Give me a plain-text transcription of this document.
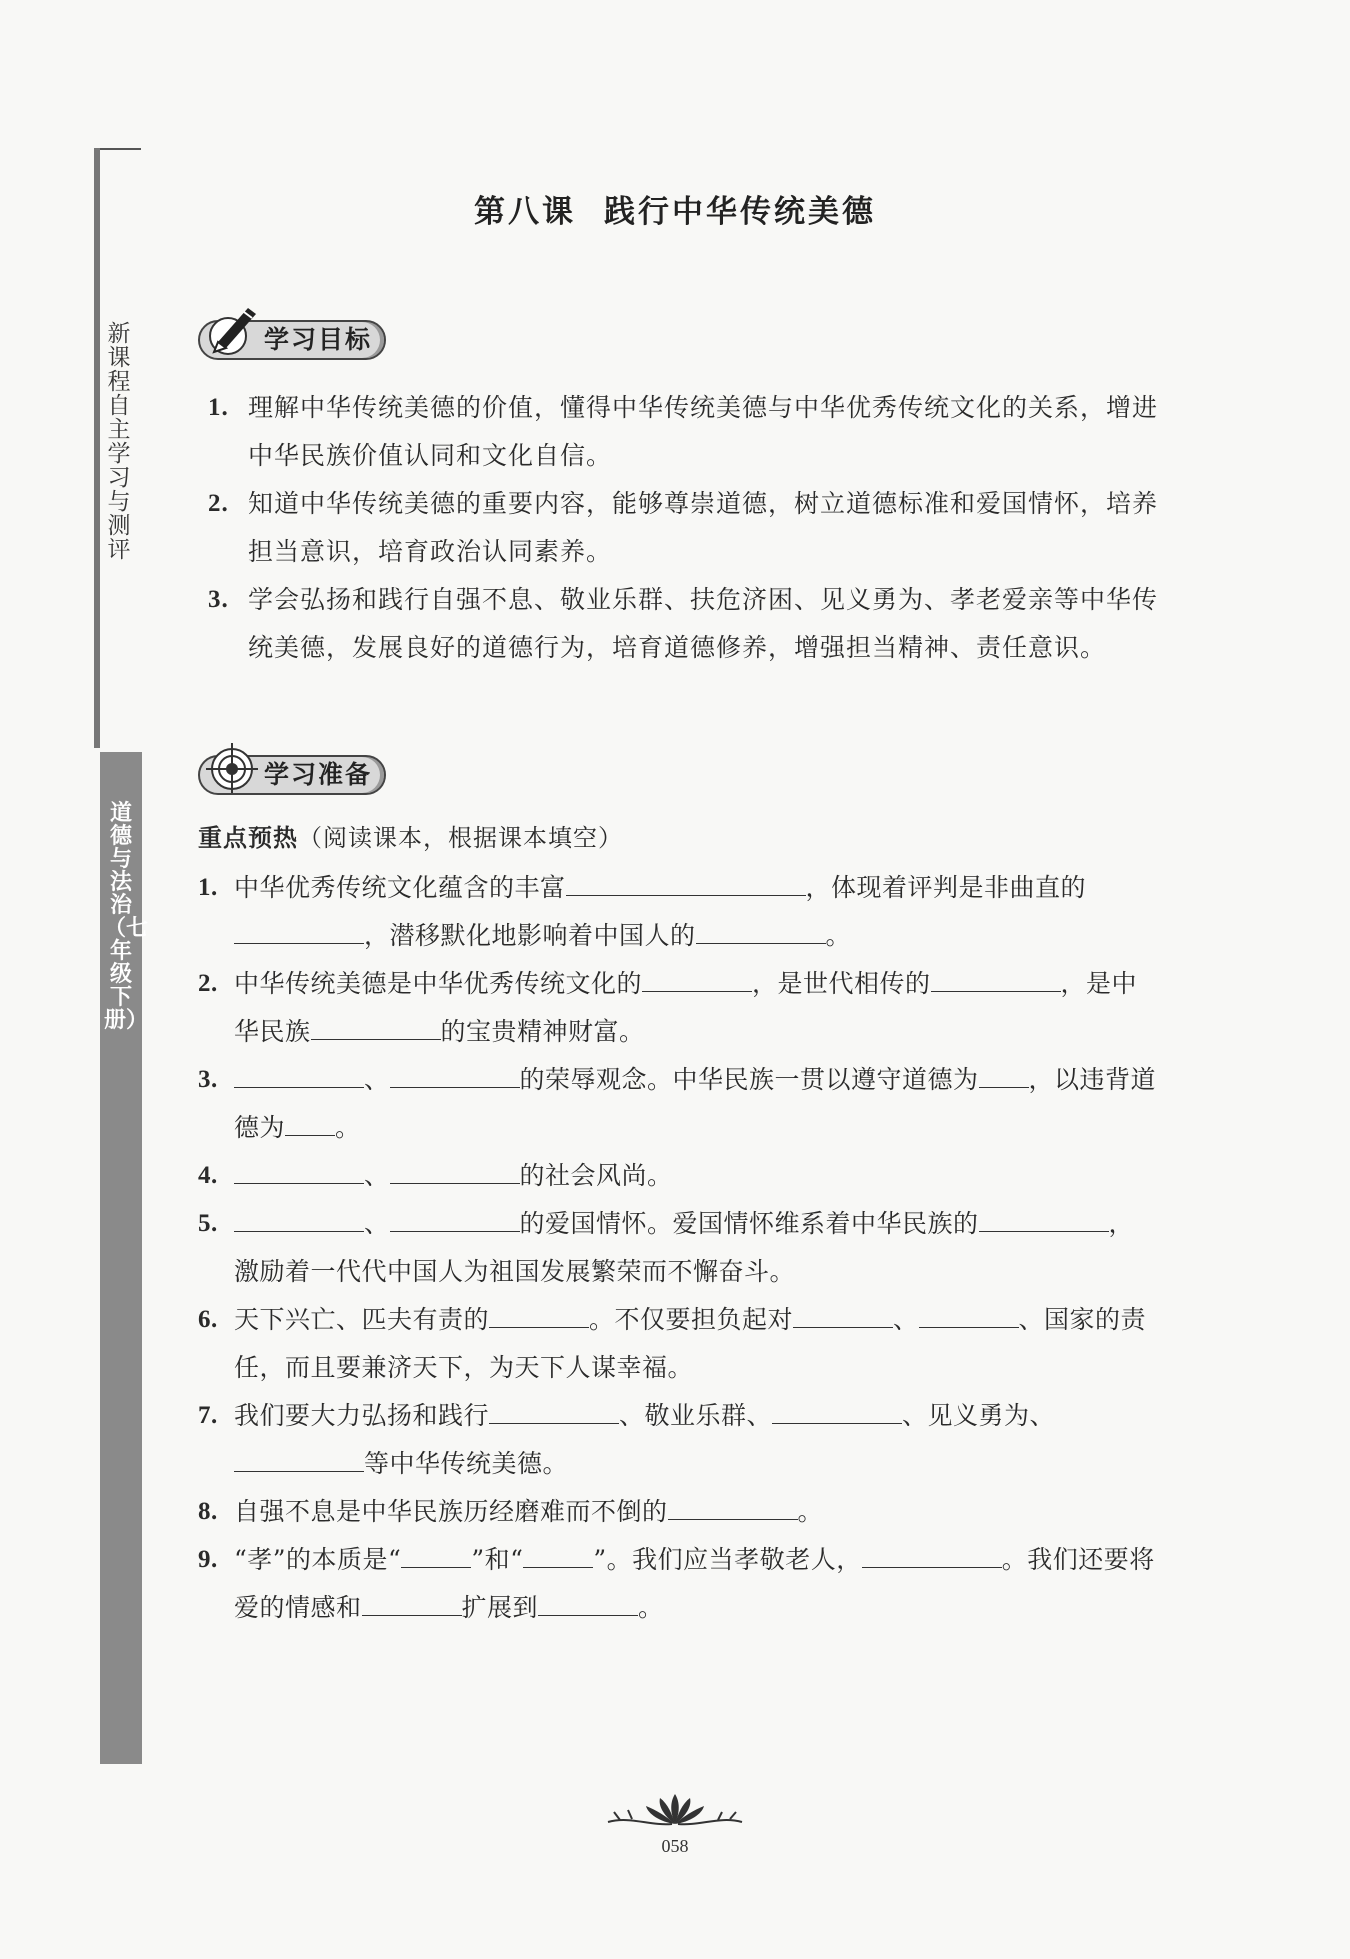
新课程自主学习与测评
道德与法治（七年级下册）
第八课 践行中华传统美德
学习目标
1. 理解中华传统美德的价值，懂得中华传统美德与中华优秀传统文化的关系，增进中华民族价值认同和文化自信。
2. 知道中华传统美德的重要内容，能够尊崇道德，树立道德标准和爱国情怀，培养担当意识，培育政治认同素养。
3. 学会弘扬和践行自强不息、敬业乐群、扶危济困、见义勇为、孝老爱亲等中华传统美德，发展良好的道德行为，培育道德修养，增强担当精神、责任意识。
学习准备
重点预热（阅读课本，根据课本填空）
1. 中华优秀传统文化蕴含的丰富	，体现着评判是非曲直的，潜移默化地影响着中国人的	。
2. 中华传统美德是中华优秀传统文化的	，是世代相传的	，是中华民族	的宝贵精神财富。
3.	、	的荣辱观念。中华民族一贯以遵守道德为 ，以违背道德为 。
4.	、	的社会风尚。
5.	、	的爱国情怀。爱国情怀维系着中华民族的	，激励着一代代中国人为祖国发展繁荣而不懈奋斗。
6. 天下兴亡、匹夫有责的	。不仅要担负起对	、	、国家的责任，而且要兼济天下，为天下人谋幸福。
7. 我们要大力弘扬和践行	、敬业乐群、	、见义勇为、等中华传统美德。
8. 自强不息是中华民族历经磨难而不倒的	。
9. “孝”的本质是“	”和“	”。我们应当孝敬老人，	。我们还要将爱的情感和	扩展到	。
058
